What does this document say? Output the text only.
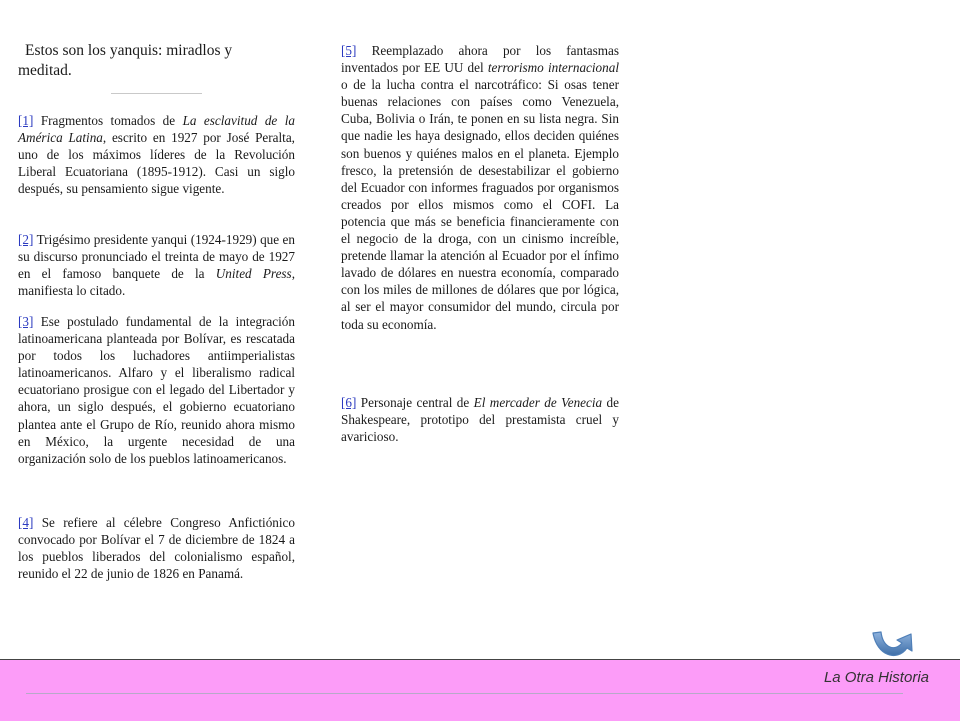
Estos son los yanquis: miradlos y
meditad.

[1] Fragmentos tomados de La esclavitud de la América Latina, escrito en 1927 por José Peralta, uno de los máximos líderes de la Revolución Liberal Ecuatoriana (1895-1912). Casi un siglo después, su pensamiento sigue vigente.

[2] Trigésimo presidente yanqui (1924-1929) que en su discurso pronunciado el treinta de mayo de 1927 en el famoso banquete de la United Press, manifiesta lo citado.

[3] Ese postulado fundamental de la integración latinoamericana planteada por Bolívar, es rescatada por todos los luchadores antiimperialistas latinoamericanos. Alfaro y el liberalismo radical ecuatoriano prosigue con el legado del Libertador y ahora, un siglo después, el gobierno ecuatoriano plantea ante el Grupo de Río, reunido ahora mismo en México, la urgente necesidad de una organización solo de los pueblos latinoamericanos.

[4] Se refiere al célebre Congreso Anfictiónico convocado por Bolívar el 7 de diciembre de 1824 a los pueblos liberados del colonialismo español, reunido el 22 de junio de 1826 en Panamá.

[5] Reemplazado ahora por los fantasmas inventados por EE UU del terrorismo internacional o de la lucha contra el narcotráfico: Si osas tener buenas relaciones con países como Venezuela, Cuba, Bolivia o Irán, te ponen en su lista negra. Sin que nadie les haya designado, ellos deciden quiénes son buenos y quiénes malos en el planeta. Ejemplo fresco, la pretensión de desestabilizar el gobierno del Ecuador con informes fraguados por organismos creados por ellos mismos como el COFI. La potencia que más se beneficia financieramente con el negocio de la droga, con un cinismo increíble, pretende llamar la atención al Ecuador por el ínfimo lavado de dólares en nuestra economía, comparado con los miles de millones de dólares que por lógica, al ser el mayor consumidor del mundo, circula por toda su economía.

[6] Personaje central de El mercader de Venecia de Shakespeare, prototipo del prestamista cruel y avaricioso.

La Otra Historia
